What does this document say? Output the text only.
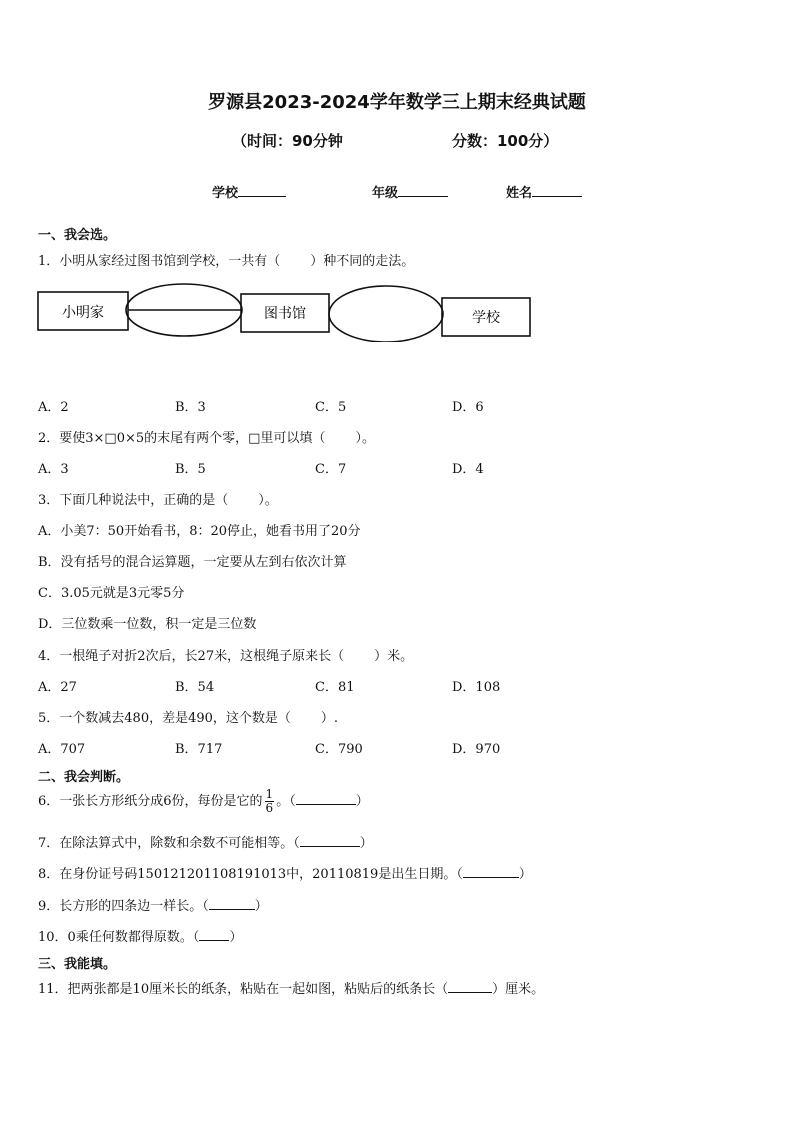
罗源县2023-2024学年数学三上期末经典试题
（时间：90分钟	分数：100分）
学校	年级	姓名
一、我会选。
1．小明从家经过图书馆到学校，一共有（ ）种不同的走法。
小明家	图书馆	学校
A．2	B．3	C．5	D．6
2．要使3×□0×5的末尾有两个零，□里可以填（ ）。
A．3	B．5	C．7	D．4
3．下面几种说法中，正确的是（ ）。
A．小美7：50开始看书，8：20停止，她看书用了20分
B．没有括号的混合运算题，一定要从左到右依次计算
C．3.05元就是3元零5分
D．三位数乘一位数，积一定是三位数
4．一根绳子对折2次后，长27米，这根绳子原来长（ ）米。
A．27	B．54	C．81	D．108
5．一个数减去480，差是490，这个数是（ ）.
A．707	B．717	C．790	D．970
二、我会判断。
6．一张长方形纸分成6份，每份是它的 $\frac{1}{6}$ 。（	）
7．在除法算式中，除数和余数不可能相等。（	）
8．在身份证号码150121201108191013中，20110819是出生日期。（	）
9．长方形的四条边一样长。（	）
10．0乘任何数都得原数。（ ）
三、我能填。
11．把两张都是10厘米长的纸条，粘贴在一起如图，粘贴后的纸条长（	）厘米。
